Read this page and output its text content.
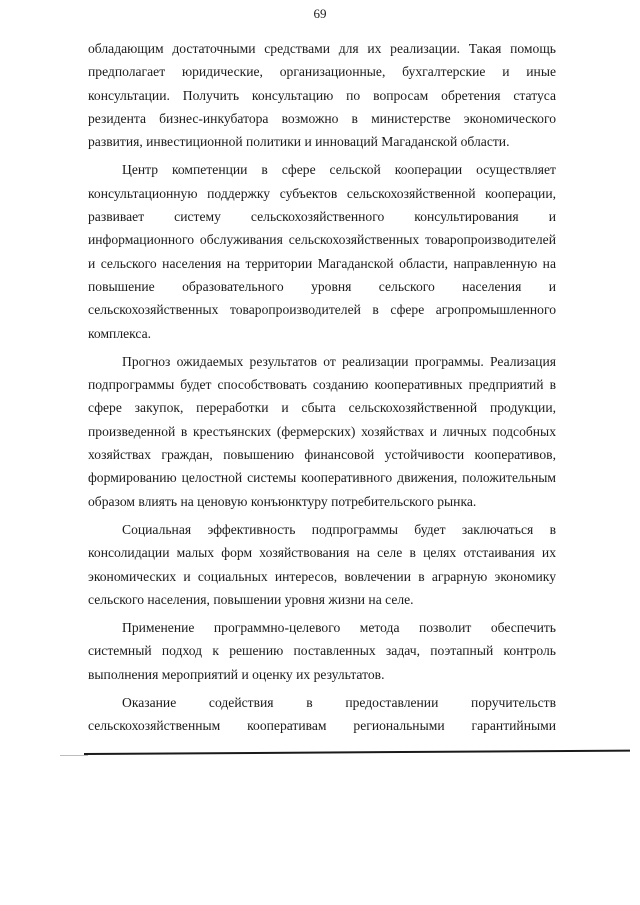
69

обладающим достаточными средствами для их реализации. Такая помощь предполагает юридические, организационные, бухгалтерские и иные консультации. Получить консультацию по вопросам обретения статуса резидента бизнес-инкубатора возможно в министерстве экономического развития, инвестиционной политики и инноваций Магаданской области.

Центр компетенции в сфере сельской кооперации осуществляет консультационную поддержку субъектов сельскохозяйственной кооперации, развивает систему сельскохозяйственного консультирования и информационного обслуживания сельскохозяйственных товаропроизводителей и сельского населения на территории Магаданской области, направленную на повышение образовательного уровня сельского населения и сельскохозяйственных товаропроизводителей в сфере агропромышленного комплекса.

Прогноз ожидаемых результатов от реализации программы. Реализация подпрограммы будет способствовать созданию кооперативных предприятий в сфере закупок, переработки и сбыта сельскохозяйственной продукции, произведенной в крестьянских (фермерских) хозяйствах и личных подсобных хозяйствах граждан, повышению финансовой устойчивости кооперативов, формированию целостной системы кооперативного движения, положительным образом влиять на ценовую конъюнктуру потребительского рынка.

Социальная эффективность подпрограммы будет заключаться в консолидации малых форм хозяйствования на селе в целях отстаивания их экономических и социальных интересов, вовлечении в аграрную экономику сельского населения, повышении уровня жизни на селе.

Применение программно-целевого метода позволит обеспечить системный подход к решению поставленных задач, поэтапный контроль выполнения мероприятий и оценку их результатов.

Оказание содействия в предоставлении поручительств сельскохозяйственным кооперативам региональными гарантийными
